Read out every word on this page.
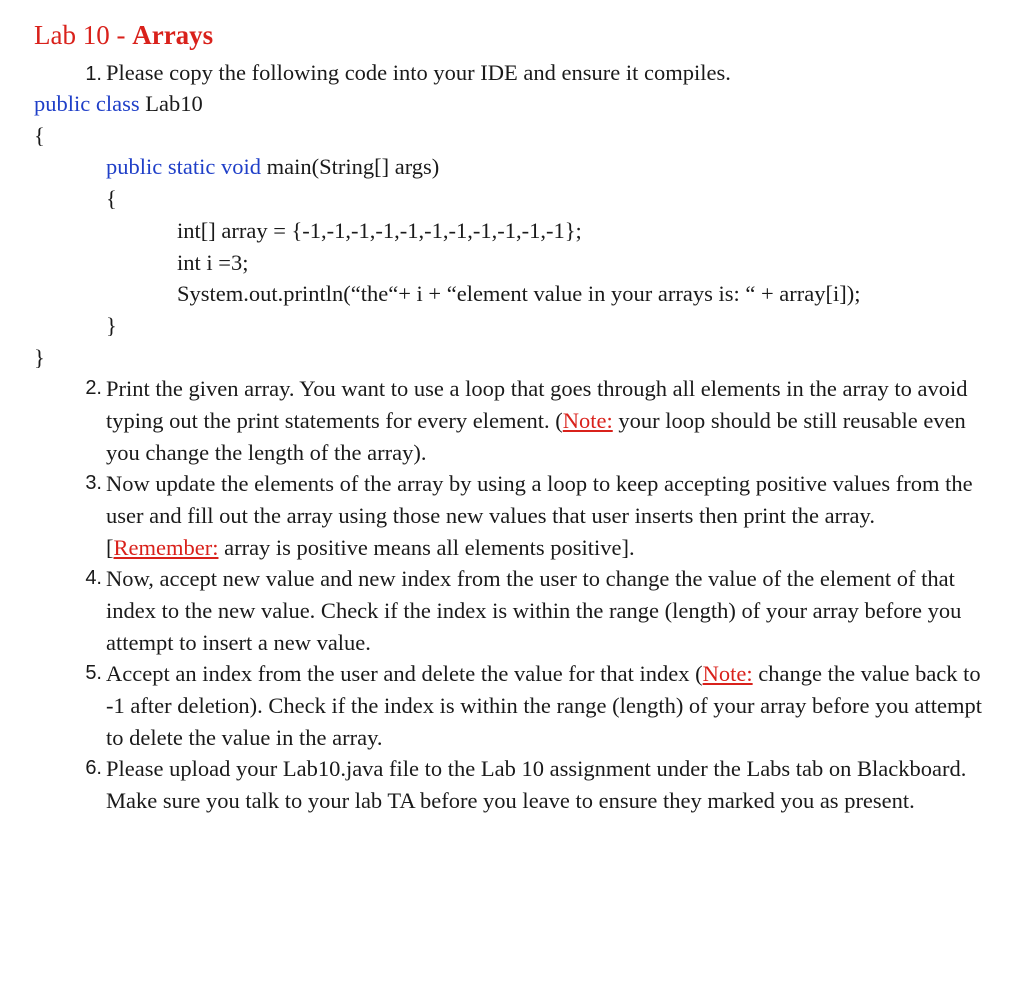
Lab 10 - Arrays
1. Please copy the following code into your IDE and ensure it compiles.
public class Lab10
{
public static void main(String[] args)
{
int[] array = {-1,-1,-1,-1,-1,-1,-1,-1,-1,-1,-1};
int i =3;
System.out.println(“the“+ i + “element value in your arrays is: “ + array[i]);
}
}
2. Print the given array. You want to use a loop that goes through all elements in the array to avoid typing out the print statements for every element. (Note: your loop should be still reusable even you change the length of the array).
3. Now update the elements of the array by using a loop to keep accepting positive values from the user and fill out the array using those new values that user inserts then print the array. [Remember: array is positive means all elements positive].
4. Now, accept new value and new index from the user to change the value of the element of that index to the new value. Check if the index is within the range (length) of your array before you attempt to insert a new value.
5. Accept an index from the user and delete the value for that index (Note: change the value back to -1 after deletion). Check if the index is within the range (length) of your array before you attempt to delete the value in the array.
6. Please upload your Lab10.java file to the Lab 10 assignment under the Labs tab on Blackboard. Make sure you talk to your lab TA before you leave to ensure they marked you as present.
